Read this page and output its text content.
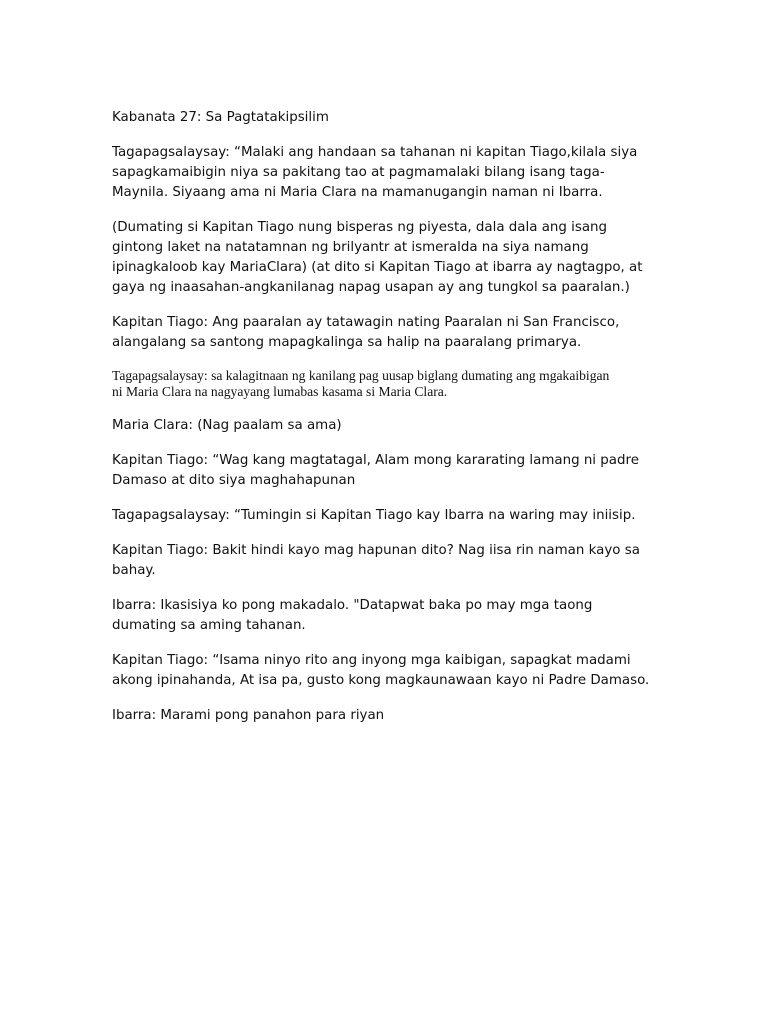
Kabanata 27: Sa Pagtatakipsilim

Tagapagsalaysay: “Malaki ang handaan sa tahanan ni kapitan Tiago,kilala siya
sapagkamaibigin niya sa pakitang tao at pagmamalaki bilang isang taga-
Maynila. Siyaang ama ni Maria Clara na mamanugangin naman ni Ibarra.

(Dumating si Kapitan Tiago nung bisperas ng piyesta, dala dala ang isang
gintong laket na natatamnan ng brilyantr at ismeralda na siya namang
ipinagkaloob kay MariaClara) (at dito si Kapitan Tiago at ibarra ay nagtagpo, at
gaya ng inaasahan-angkanilanag napag usapan ay ang tungkol sa paaralan.)

Kapitan Tiago: Ang paaralan ay tatawagin nating Paaralan ni San Francisco,
alangalang sa santong mapagkalinga sa halip na paaralang primarya.

Tagapagsalaysay: sa kalagitnaan ng kanilang pag uusap biglang dumating ang mgakaibigan
ni Maria Clara na nagyayang lumabas kasama si Maria Clara.

Maria Clara: (Nag paalam sa ama)

Kapitan Tiago: “Wag kang magtatagal, Alam mong kararating lamang ni padre
Damaso at dito siya maghahapunan

Tagapagsalaysay: “Tumingin si Kapitan Tiago kay Ibarra na waring may iniisip.

Kapitan Tiago: Bakit hindi kayo mag hapunan dito? Nag iisa rin naman kayo sa
bahay.

Ibarra: Ikasisiya ko pong makadalo. "Datapwat baka po may mga taong
dumating sa aming tahanan.

Kapitan Tiago: “Isama ninyo rito ang inyong mga kaibigan, sapagkat madami
akong ipinahanda, At isa pa, gusto kong magkaunawaan kayo ni Padre Damaso.

Ibarra: Marami pong panahon para riyan
